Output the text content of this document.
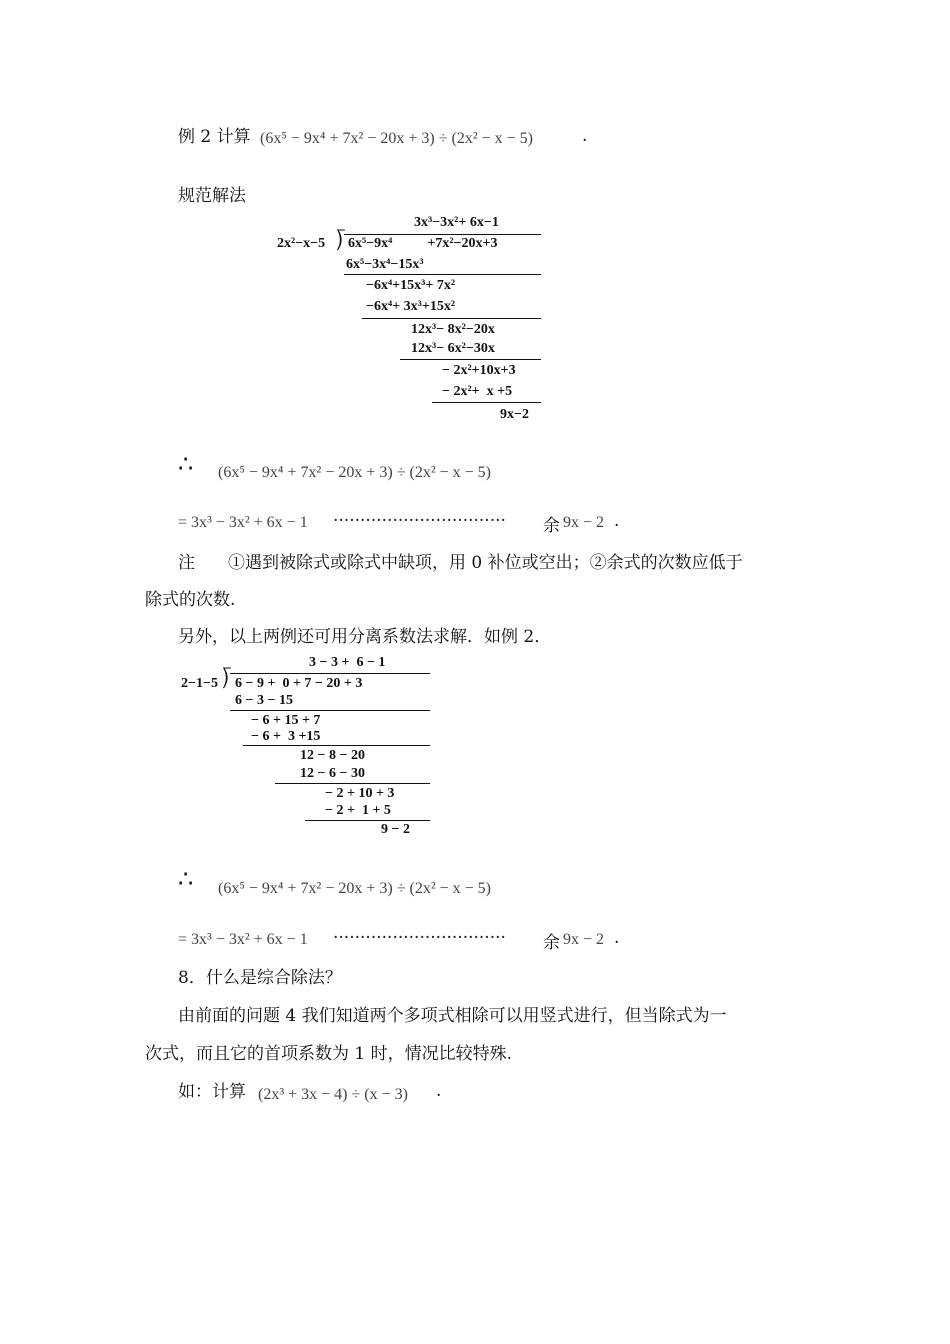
例 2 计算 (6x⁵ − 9x⁴ + 7x² − 20x + 3) ÷ (2x² − x − 5)	.
规范解法
3x³−3x²+ 6x−1
2x²−x−5 ⟌ 6x⁵−9x⁴          +7x²−20x+3
6x⁵−3x⁴−15x³
−6x⁴+15x³+ 7x²
−6x⁴+ 3x³+15x²
12x³− 8x²−20x
12x³− 6x²−30x
− 2x²+10x+3
− 2x²+  x +5
9x−2
∴ (6x⁵ − 9x⁴ + 7x² − 20x + 3) ÷ (2x² − x − 5)
= 3x³ − 3x² + 6x − 1 ································ 余 9x − 2 .
注 ①遇到被除式或除式中缺项，用 0 补位或空出；②余式的次数应低于
除式的次数.
另外，以上两例还可用分离系数法求解．如例 2．
3 − 3 +  6 − 1
2−1−5 ⟌ 6 − 9 +  0 + 7 − 20 + 3
6 − 3 − 15
− 6 + 15 + 7
− 6 +  3 +15
12 − 8 − 20
12 − 6 − 30
− 2 + 10 + 3
− 2 +  1 + 5
9 − 2
∴ (6x⁵ − 9x⁴ + 7x² − 20x + 3) ÷ (2x² − x − 5)
= 3x³ − 3x² + 6x − 1 ································ 余 9x − 2 .
8．什么是综合除法？
由前面的问题 4 我们知道两个多项式相除可以用竖式进行，但当除式为一
次式，而且它的首项系数为 1 时，情况比较特殊.
如：计算 (2x³ + 3x − 4) ÷ (x − 3) .
